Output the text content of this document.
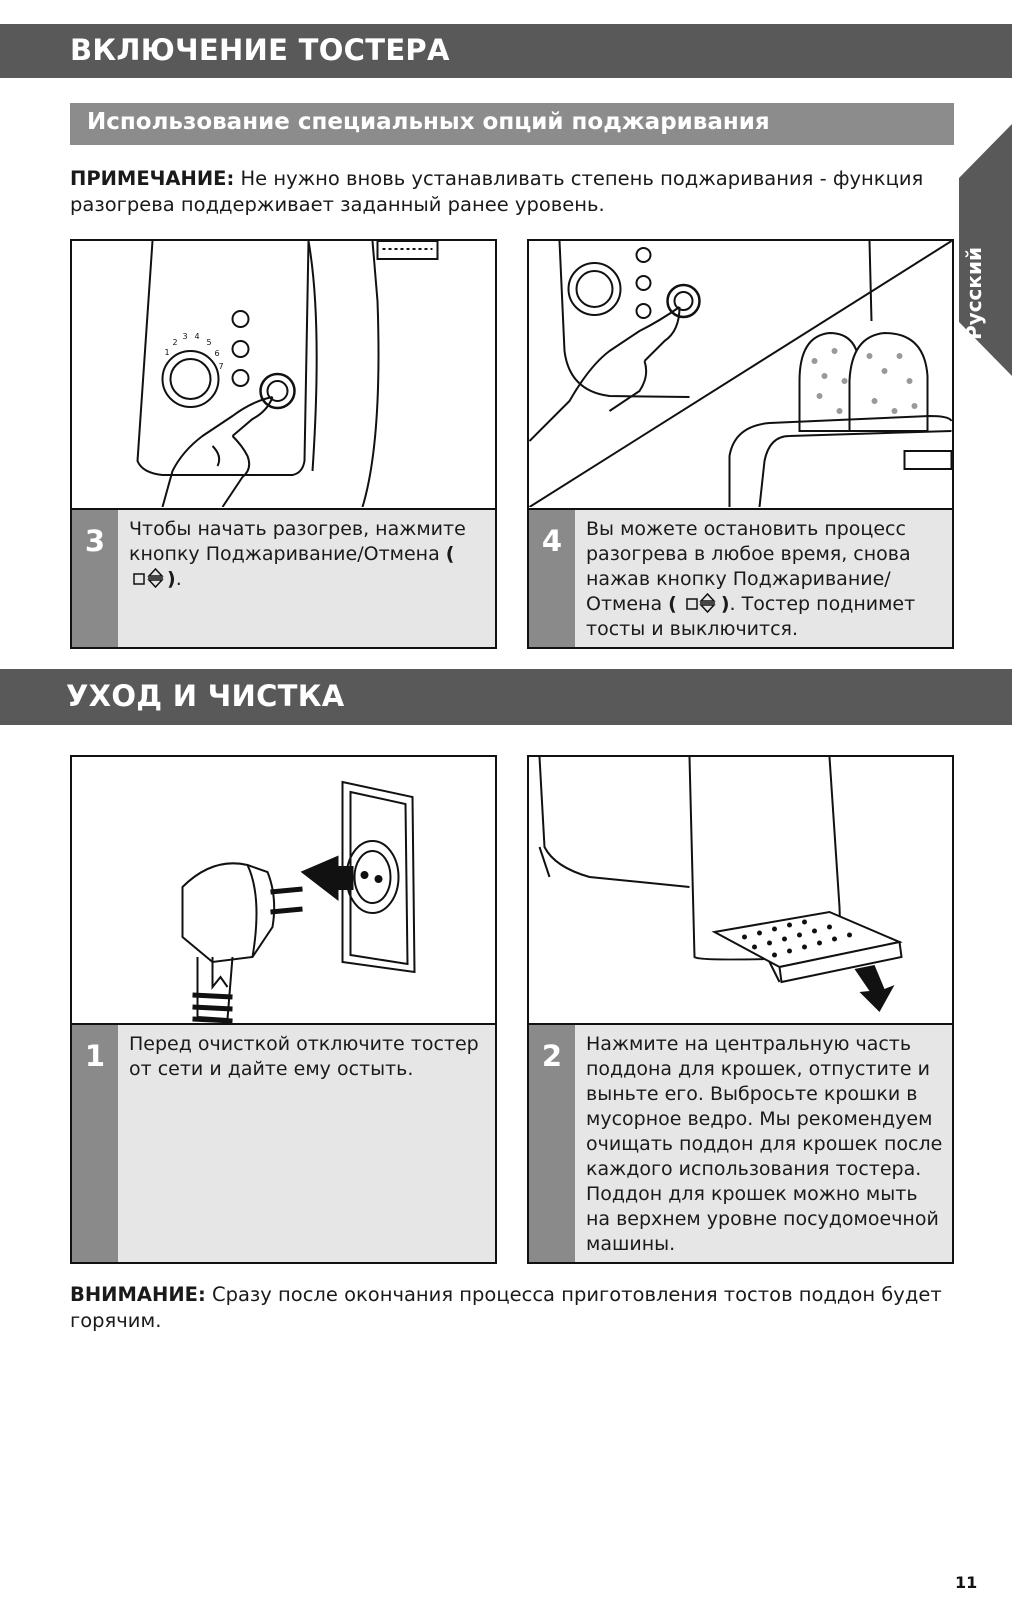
ВКЛЮЧЕНИЕ ТОСТЕРА
Использование специальных опций поджаривания
ПРИМЕЧАНИЕ: Не нужно вновь устанавливать степень поджаривания - функция разогрева поддерживает заданный ранее уровень.
Русский
1
2
3 4
5
6
7
3	Чтобы начать разогрев, нажмите кнопку Поджаривание/Отмена ().
4	Вы можете остановить процесс разогрева в любое время, снова нажав кнопку Поджаривание/ Отмена ( ). Тостер поднимет тосты и выключится.
УХОД И ЧИСТКА
1	Перед очисткой отключите тостер от сети и дайте ему остыть.	2	Нажмите на центральную часть поддона для крошек, отпустите и выньте его. Выбросьте крошки в мусорное ведро. Мы рекомендуем очищать поддон для крошек после каждого использования тостера. Поддон для крошек можно мыть на верхнем уровне посудомоечной машины.
ВНИМАНИЕ: Сразу после окончания процесса приготовления тостов поддон будет горячим.
11
